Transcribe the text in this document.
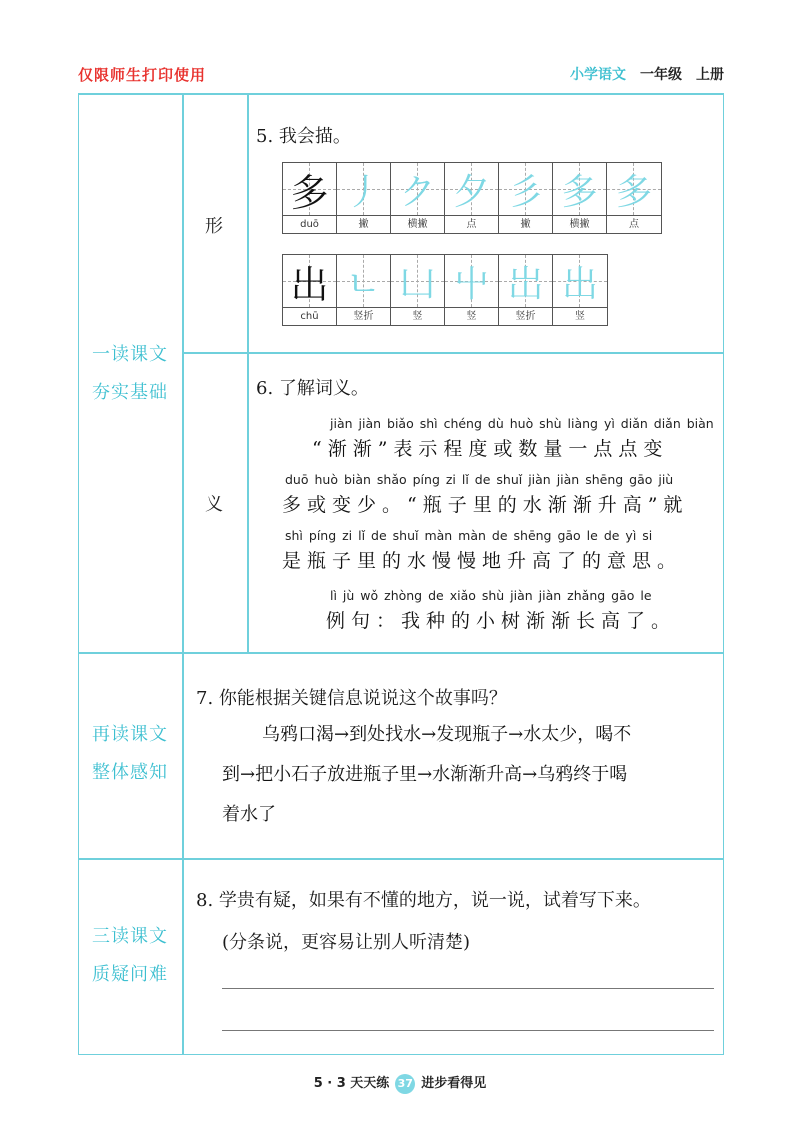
仅限师生打印使用	小学语文 一年级 上册
一读课文
夯实基础
再读课文
整体感知
三读课文
质疑问难
形
义
5. 我会描。
多
duō
丿
撇
ク
横撇
夕
点
彡
撇
多
横撇
多
点
出
chū
ㄴ
竖折
凵
竖
屮
竖
岀
竖折
出
竖
6. 了解词义。
jiàn jiàn biǎo shì chéng dù huò shù liàng yì diǎn diǎn biàn
“渐渐”表示程度或数量一点点变
duō huò biàn shǎo píng zi lǐ de shuǐ jiàn jiàn shēng gāo jiù
多或变少。“瓶子里的水渐渐升高”就
shì píng zi lǐ de shuǐ màn màn de shēng gāo le de yì si
是瓶子里的水慢慢地升高了的意思。
lì jù wǒ zhòng de xiǎo shù jiàn jiàn zhǎng gāo le
例句：我种的小树渐渐长高了。
7. 你能根据关键信息说说这个故事吗？
乌鸦口渴→到处找水→发现瓶子→水太少，喝不
到→把小石子放进瓶子里→水渐渐升高→乌鸦终于喝
着水了
8. 学贵有疑，如果有不懂的地方，说一说，试着写下来。
(分条说，更容易让别人听清楚)
5 · 3 天天练 37 进步看得见
